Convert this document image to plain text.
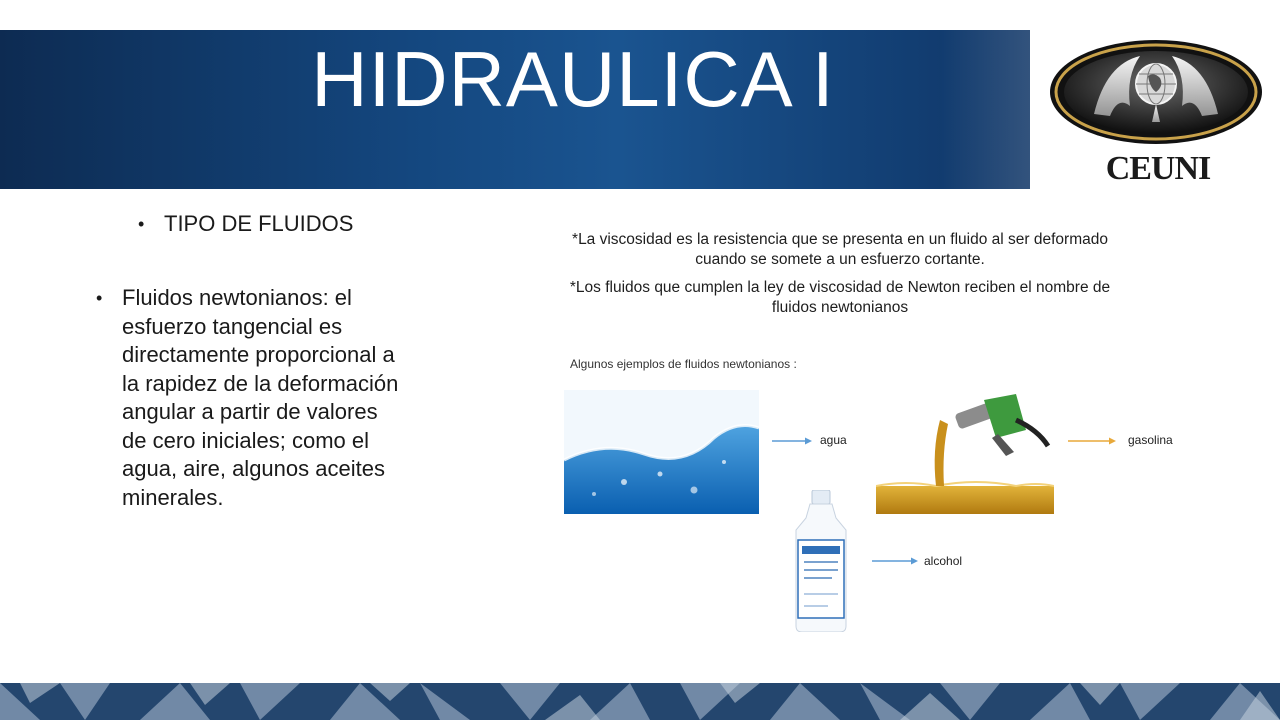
HIDRAULICA I
CEUNI
• TIPO DE FLUIDOS
• Fluidos newtonianos: el esfuerzo tangencial es directamente proporcional a la rapidez de la deformación angular a partir de valores de cero iniciales; como el agua, aire, algunos aceites minerales.
*La viscosidad es la resistencia que se presenta en un fluido al ser deformado cuando se somete a un esfuerzo cortante.
*Los fluidos que cumplen la ley de viscosidad de Newton reciben el nombre de fluidos newtonianos
Algunos ejemplos de fluidos newtonianos :
agua
alcohol
gasolina
